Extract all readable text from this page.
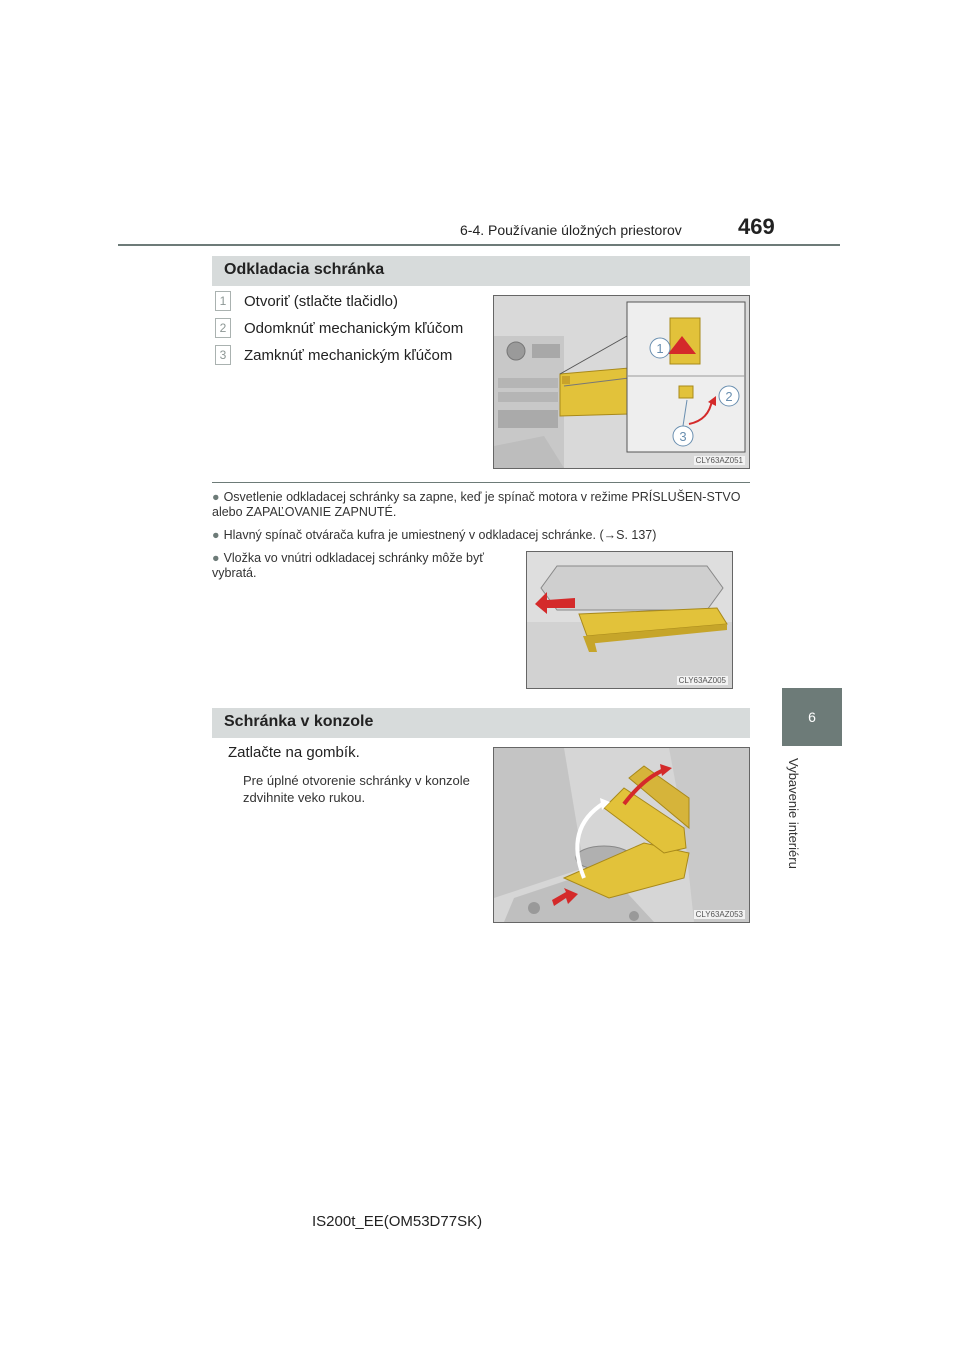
6-4. Používanie úložných priestorov	469
6
Vybavenie interiéru
Odkladacia schránka
1	Otvoriť (stlačte tlačidlo)
2	Odomknúť mechanickým kľúčom
3	Zamknúť mechanickým kľúčom	1
2
3
CLY63AZ051
● Osvetlenie odkladacej schránky sa zapne, keď je spínač motora v režime PRÍSLUŠEN-STVO alebo ZAPAĽOVANIE ZAPNUTÉ.
● Hlavný spínač otvárača kufra je umiestnený v odkladacej schránke. (→S. 137)
● Vložka vo vnútri odkladacej schránky môže byť vybratá.
CLY63AZ005
Schránka v konzole
Zatlačte na gombík.
Pre úplné otvorenie schránky v konzole zdvihnite veko rukou.
CLY63AZ053
IS200t_EE(OM53D77SK)
